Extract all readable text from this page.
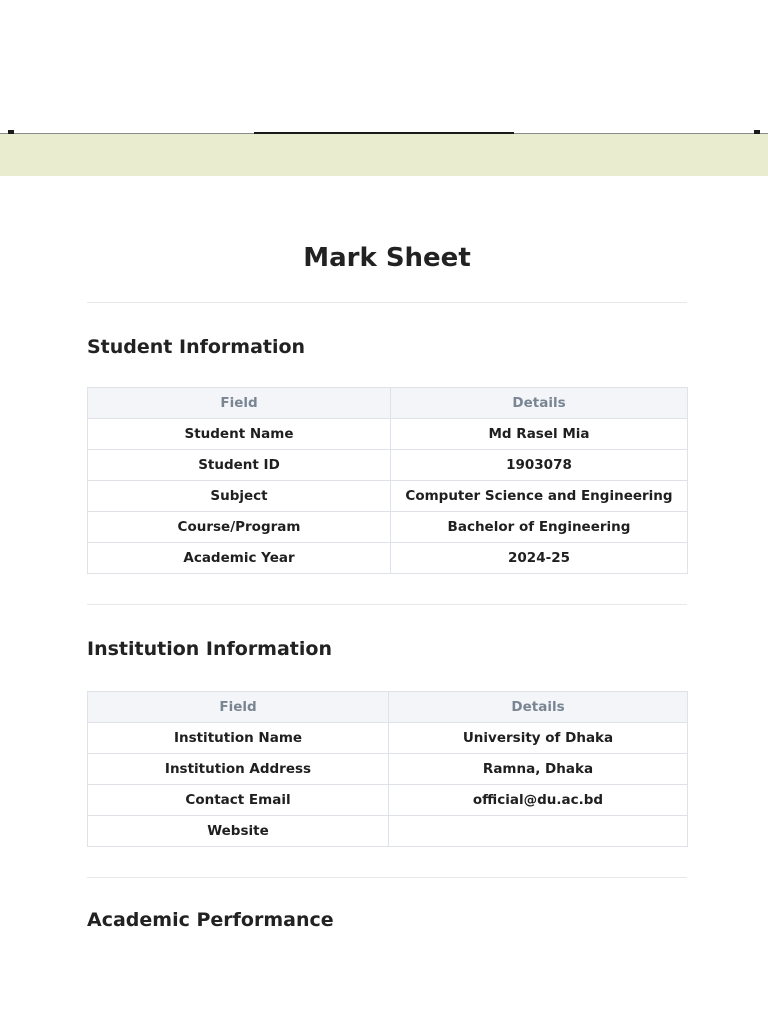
Mark Sheet
Student Information
Field	Details
Student Name	Md Rasel Mia
Student ID	1903078
Subject	Computer Science and Engineering
Course/Program	Bachelor of Engineering
Academic Year	2024-25
Institution Information
Field	Details
Institution Name	University of Dhaka
Institution Address	Ramna, Dhaka
Contact Email	official@du.ac.bd
Website	
Academic Performance
